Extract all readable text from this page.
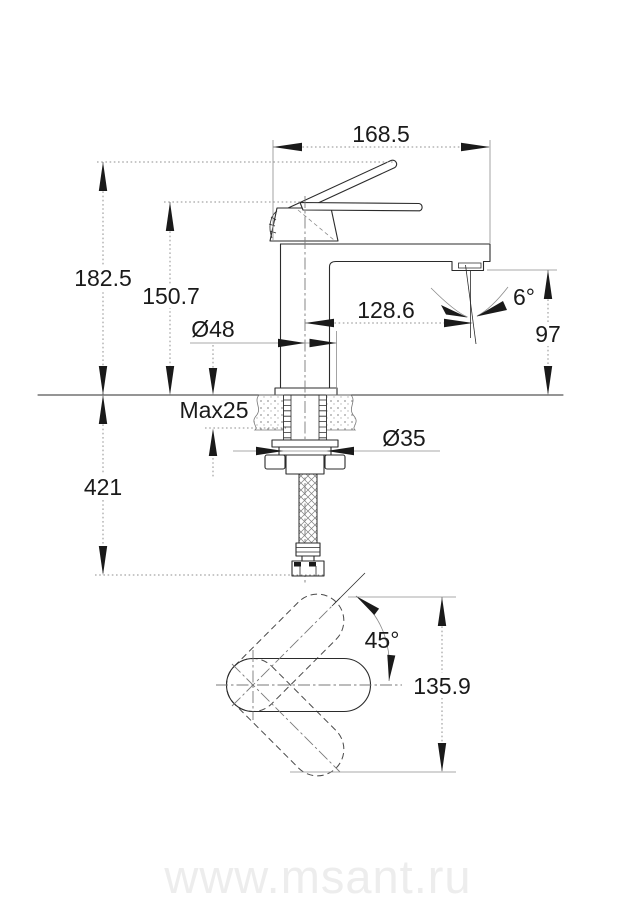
168.5
182.5
150.7
97
128.6	6°
Ø48
Max25
Ø35
421
45°
135.9
www.msant.ru
